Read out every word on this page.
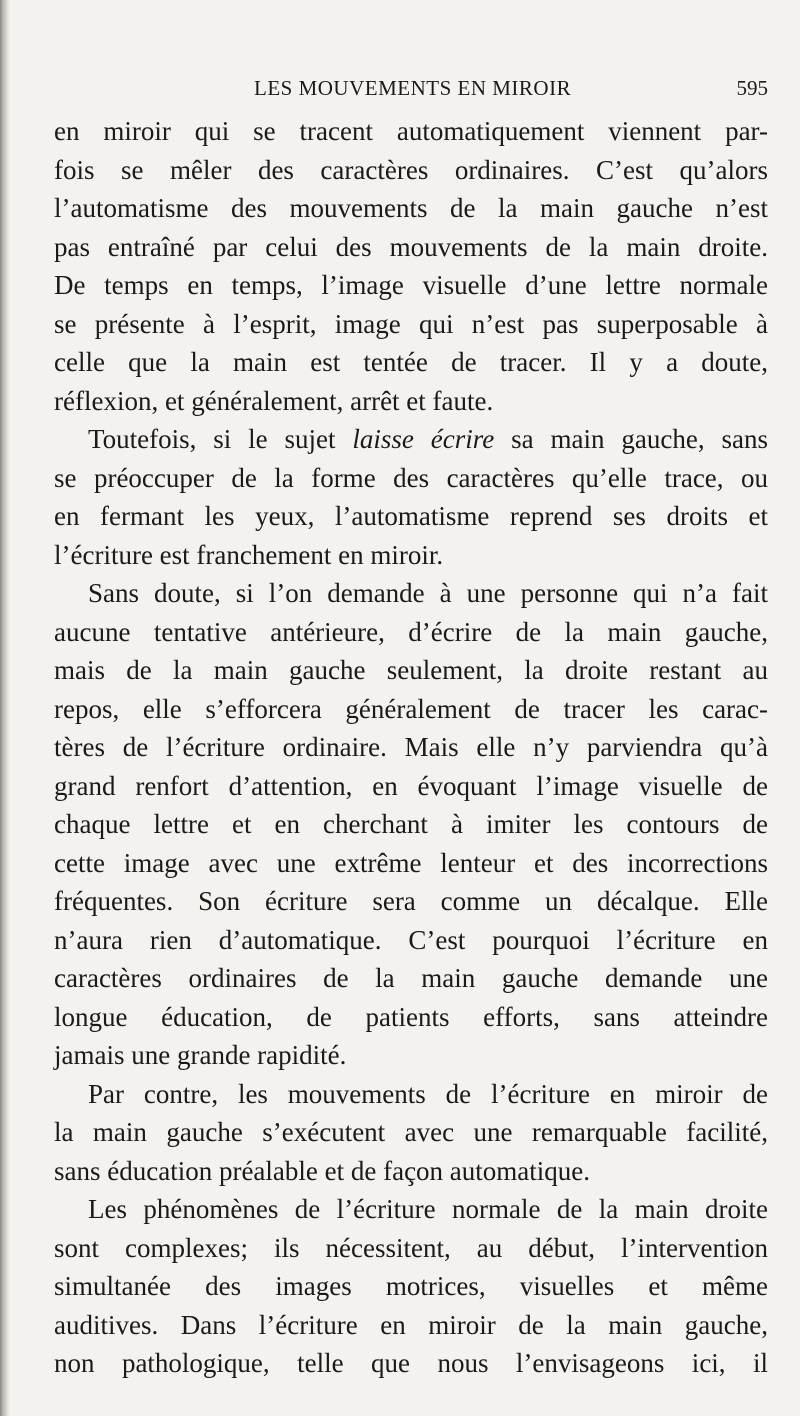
LES MOUVEMENTS EN MIROIR	595
en miroir qui se tracent automatiquement viennent par-
fois se mêler des caractères ordinaires. C’est qu’alors
l’automatisme des mouvements de la main gauche n’est
pas entraîné par celui des mouvements de la main droite.
De temps en temps, l’image visuelle d’une lettre normale
se présente à l’esprit, image qui n’est pas superposable à
celle que la main est tentée de tracer. Il y a doute,
réflexion, et généralement, arrêt et faute.
Toutefois, si le sujet laisse écrire sa main gauche, sans
se préoccuper de la forme des caractères qu’elle trace, ou
en fermant les yeux, l’automatisme reprend ses droits et
l’écriture est franchement en miroir.
Sans doute, si l’on demande à une personne qui n’a fait
aucune tentative antérieure, d’écrire de la main gauche,
mais de la main gauche seulement, la droite restant au
repos, elle s’efforcera généralement de tracer les carac-
tères de l’écriture ordinaire. Mais elle n’y parviendra qu’à
grand renfort d’attention, en évoquant l’image visuelle de
chaque lettre et en cherchant à imiter les contours de
cette image avec une extrême lenteur et des incorrections
fréquentes. Son écriture sera comme un décalque. Elle
n’aura rien d’automatique. C’est pourquoi l’écriture en
caractères ordinaires de la main gauche demande une
longue éducation, de patients efforts, sans atteindre
jamais une grande rapidité.
Par contre, les mouvements de l’écriture en miroir de
la main gauche s’exécutent avec une remarquable facilité,
sans éducation préalable et de façon automatique.
Les phénomènes de l’écriture normale de la main droite
sont complexes; ils nécessitent, au début, l’intervention
simultanée des images motrices, visuelles et même
auditives. Dans l’écriture en miroir de la main gauche,
non pathologique, telle que nous l’envisageons ici, il
